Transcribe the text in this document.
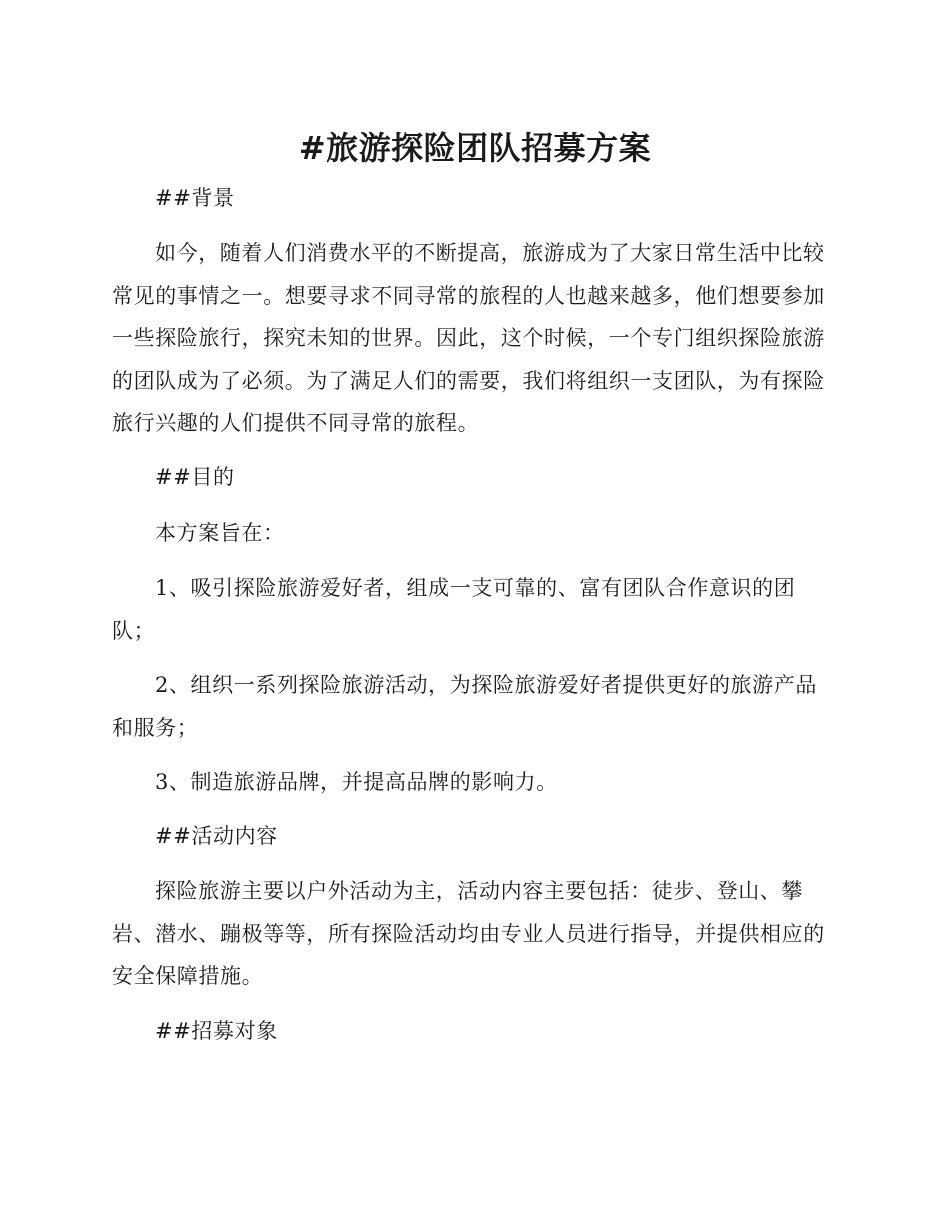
#旅游探险团队招募方案

##背景

如今，随着人们消费水平的不断提高，旅游成为了大家日常生活中比较

常见的事情之一。想要寻求不同寻常的旅程的人也越来越多，他们想要参加

一些探险旅行，探究未知的世界。因此，这个时候，一个专门组织探险旅游

的团队成为了必须。为了满足人们的需要，我们将组织一支团队，为有探险

旅行兴趣的人们提供不同寻常的旅程。

##目的

本方案旨在：

1、吸引探险旅游爱好者，组成一支可靠的、富有团队合作意识的团

队；

2、组织一系列探险旅游活动，为探险旅游爱好者提供更好的旅游产品

和服务；

3、制造旅游品牌，并提高品牌的影响力。

##活动内容

探险旅游主要以户外活动为主，活动内容主要包括：徒步、登山、攀

岩、潜水、蹦极等等，所有探险活动均由专业人员进行指导，并提供相应的

安全保障措施。

##招募对象
